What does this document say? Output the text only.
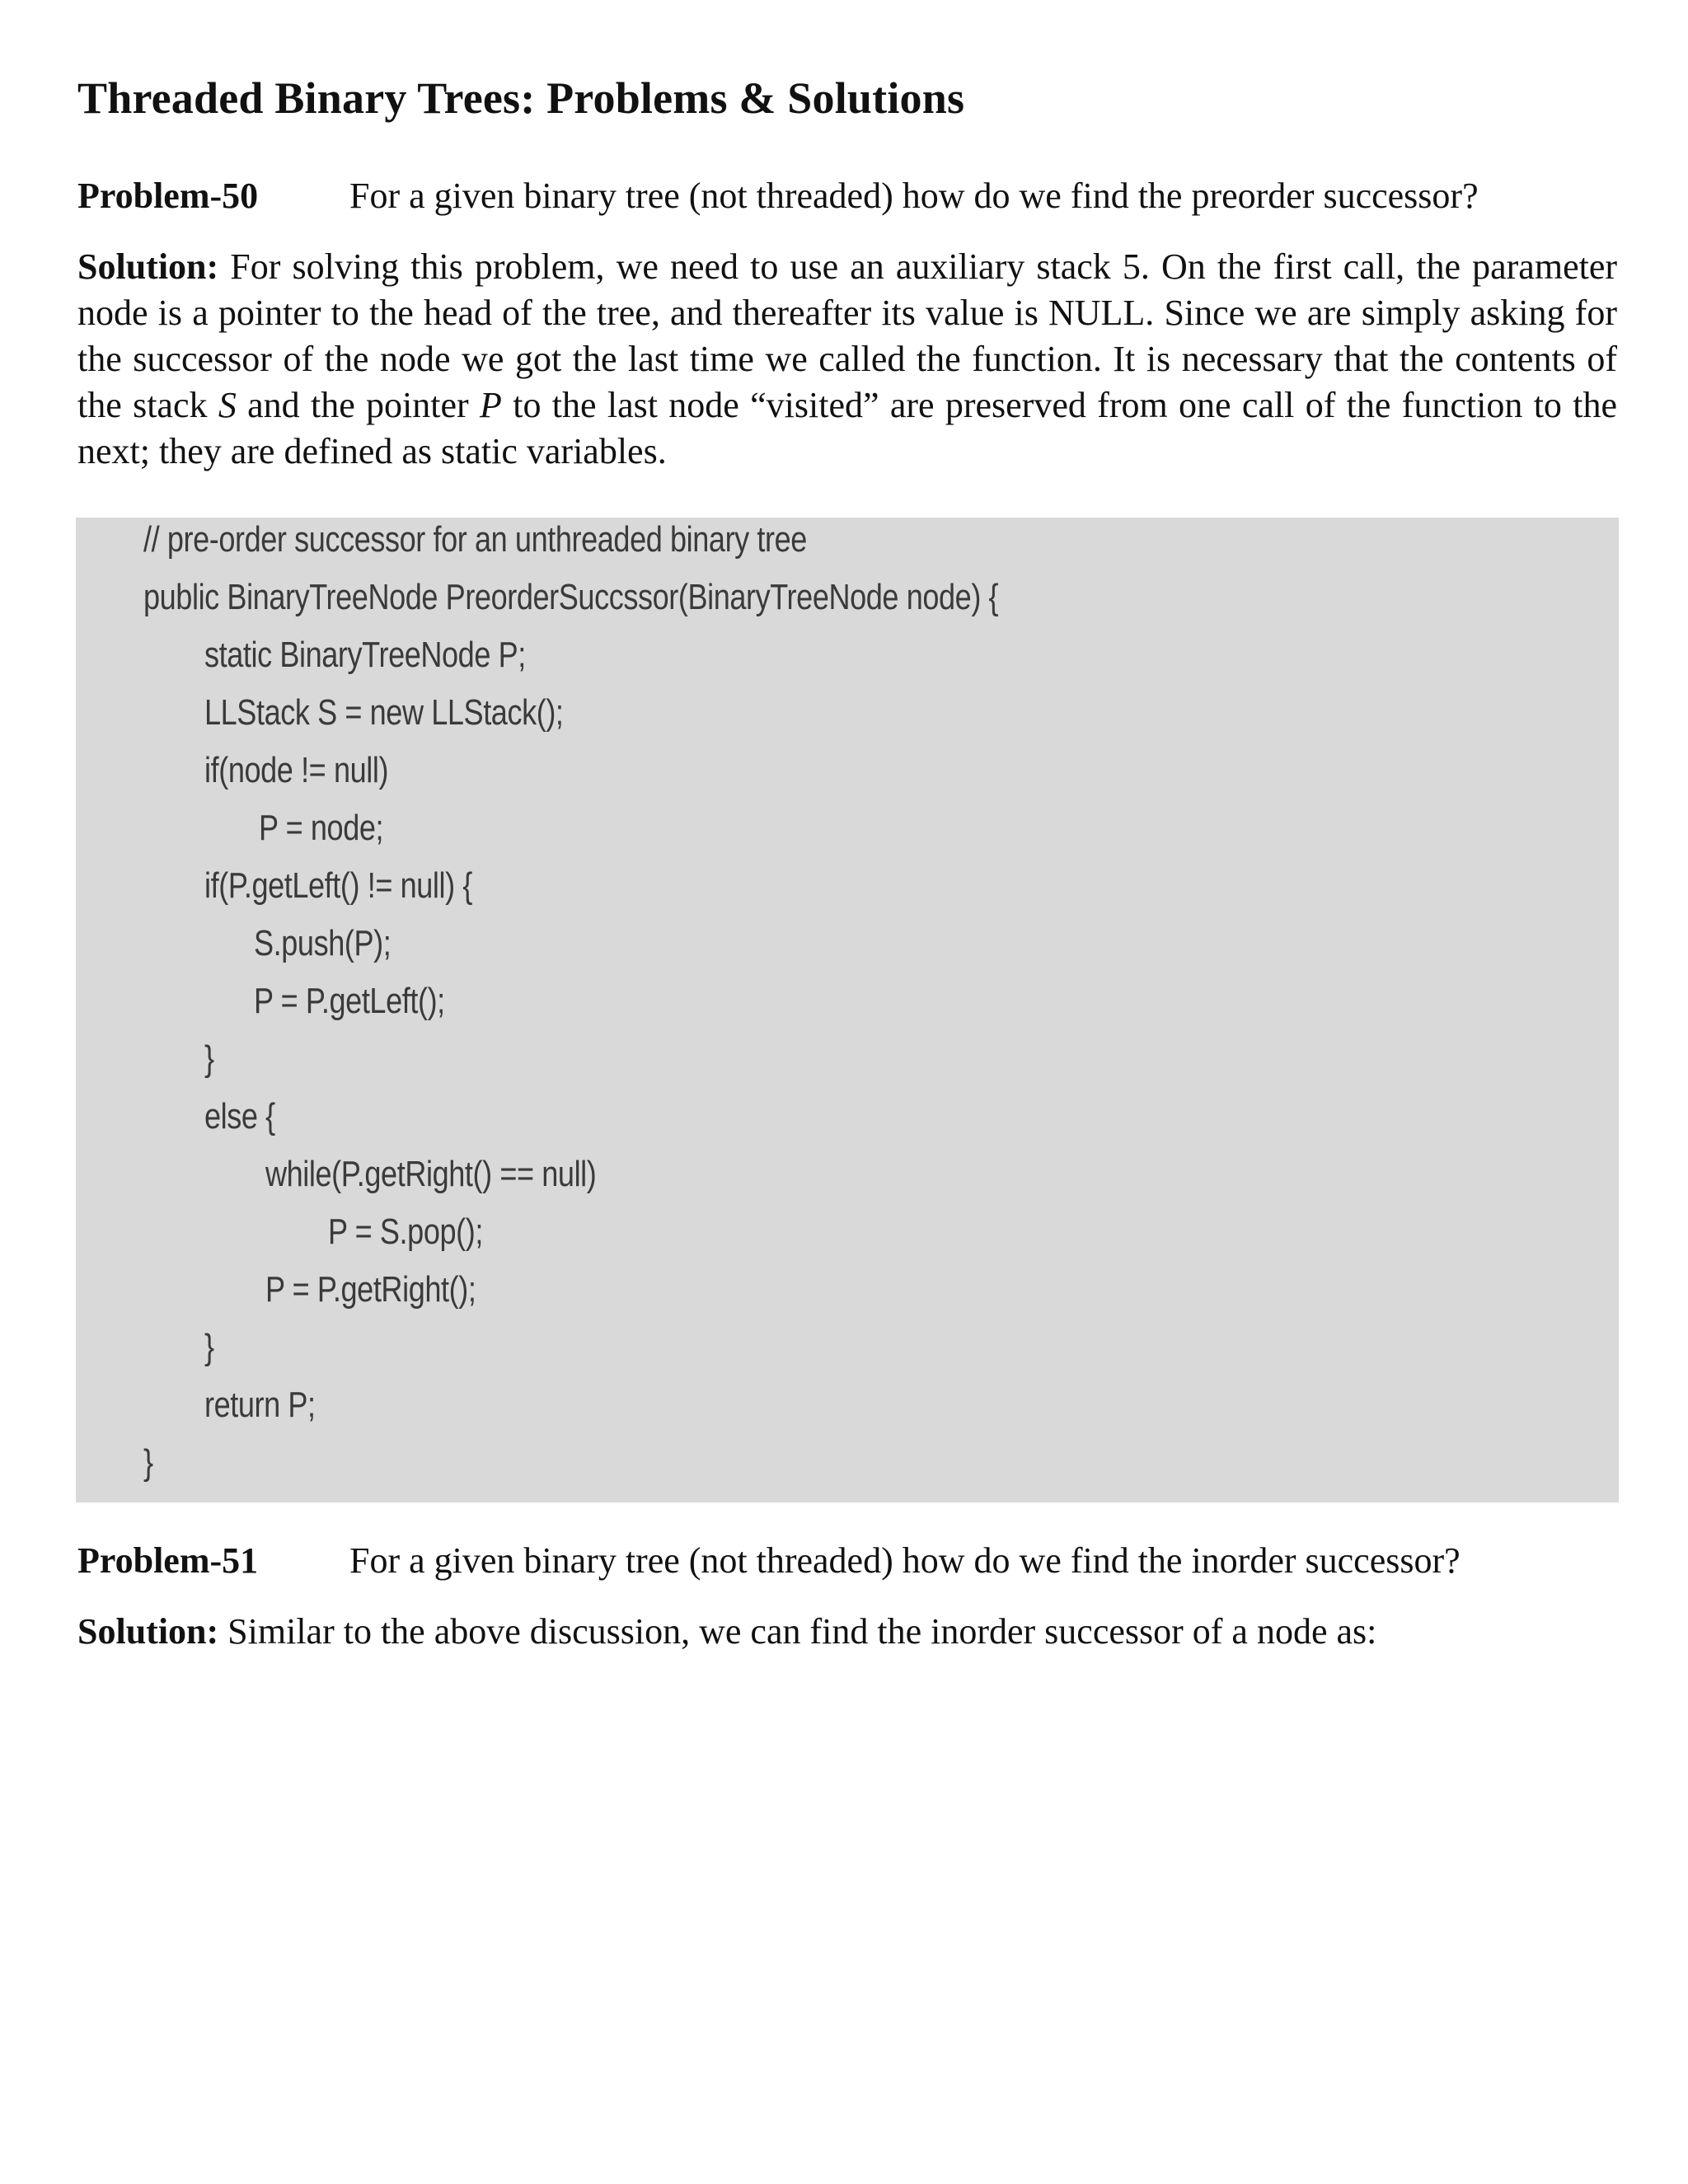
Threaded Binary Trees: Problems & Solutions
Problem-50	For a given binary tree (not threaded) how do we find the preorder successor?
Solution: For solving this problem, we need to use an auxiliary stack 5. On the first call, the parameter node is a pointer to the head of the tree, and thereafter its value is NULL. Since we are simply asking for the successor of the node we got the last time we called the function. It is necessary that the contents of the stack S and the pointer P to the last node “visited” are preserved from one call of the function to the next; they are defined as static variables.
// pre-order successor for an unthreaded binary tree
public BinaryTreeNode PreorderSuccssor(BinaryTreeNode node) {
static BinaryTreeNode P;
LLStack S = new LLStack();
if(node != null)
P = node;
if(P.getLeft() != null) {
S.push(P);
P = P.getLeft();
}
else {
while(P.getRight() == null)
P = S.pop();
P = P.getRight();
}
return P;
}
Problem-51	For a given binary tree (not threaded) how do we find the inorder successor?
Solution: Similar to the above discussion, we can find the inorder successor of a node as:
